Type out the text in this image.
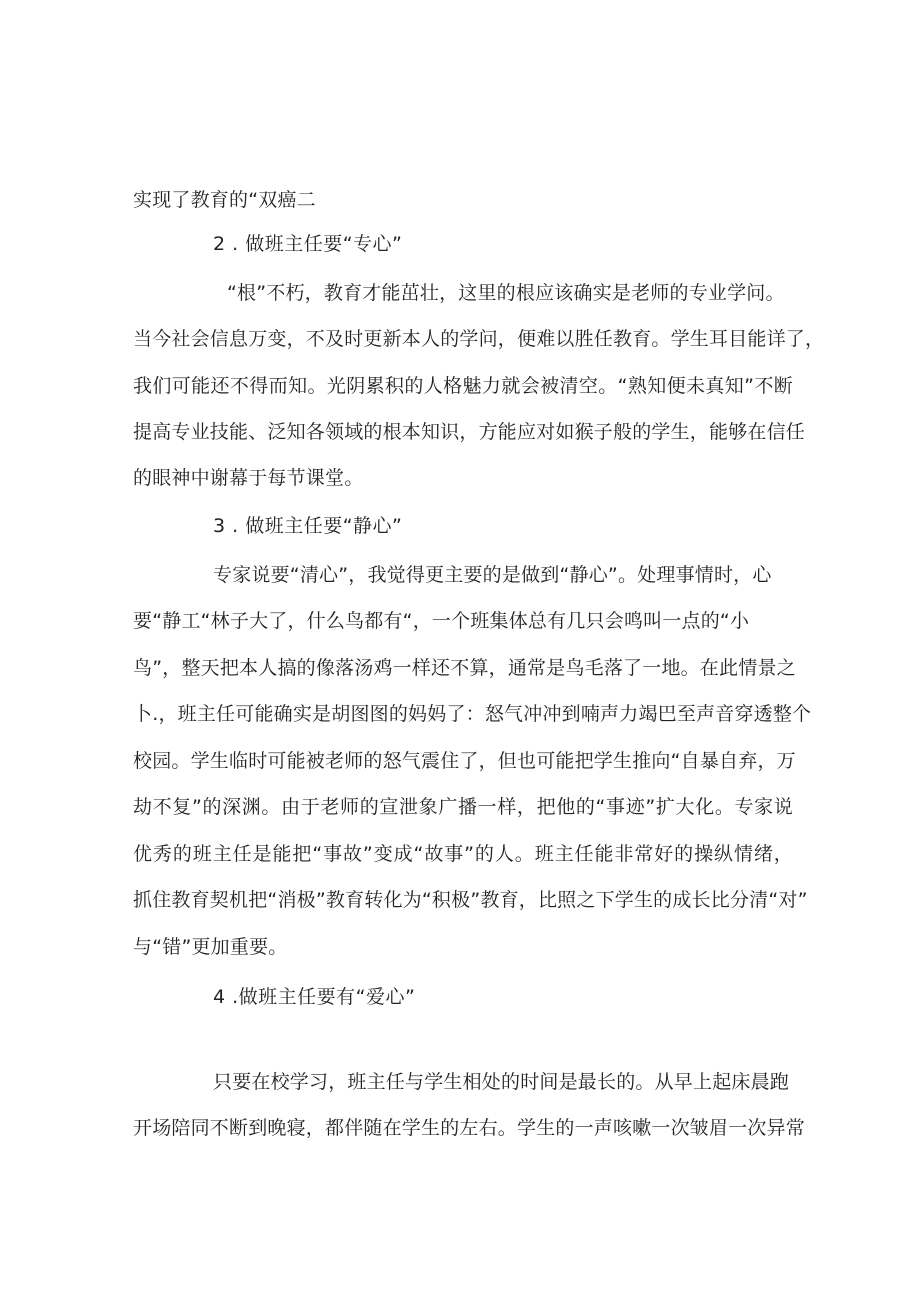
实现了教育的“双癌二
2 . 做班主任要“专心”
“根”不朽，教育才能茁壮，这里的根应该确实是老师的专业学问。
当今社会信息万变，不及时更新本人的学问，便难以胜任教育。学生耳目能详了，
我们可能还不得而知。光阴累积的人格魅力就会被清空。“熟知便未真知”不断
提高专业技能、泛知各领域的根本知识，方能应对如猴子般的学生，能够在信任
的眼神中谢幕于每节课堂。
3 . 做班主任要“静心”
专家说要“清心”，我觉得更主要的是做到“静心”。处理事情时，心
要“静工“林子大了，什么鸟都有“，一个班集体总有几只会鸣叫一点的“小
鸟”，整天把本人搞的像落汤鸡一样还不算，通常是鸟毛落了一地。在此情景之
卜.，班主任可能确实是胡图图的妈妈了：怒气冲冲到喃声力竭巴至声音穿透整个
校园。学生临时可能被老师的怒气震住了，但也可能把学生推向“自暴自弃，万
劫不复”的深渊。由于老师的宣泄象广播一样，把他的“事迹”扩大化。专家说
优秀的班主任是能把“事故”变成“故事”的人。班主任能非常好的操纵情绪，
抓住教育契机把“消极”教育转化为“积极”教育，比照之下学生的成长比分清“对”
与“错”更加重要。
4 .做班主任要有“爱心”
只要在校学习，班主任与学生相处的时间是最长的。从早上起床晨跑
开场陪同不断到晚寝，都伴随在学生的左右。学生的一声咳嗽一次皱眉一次异常
